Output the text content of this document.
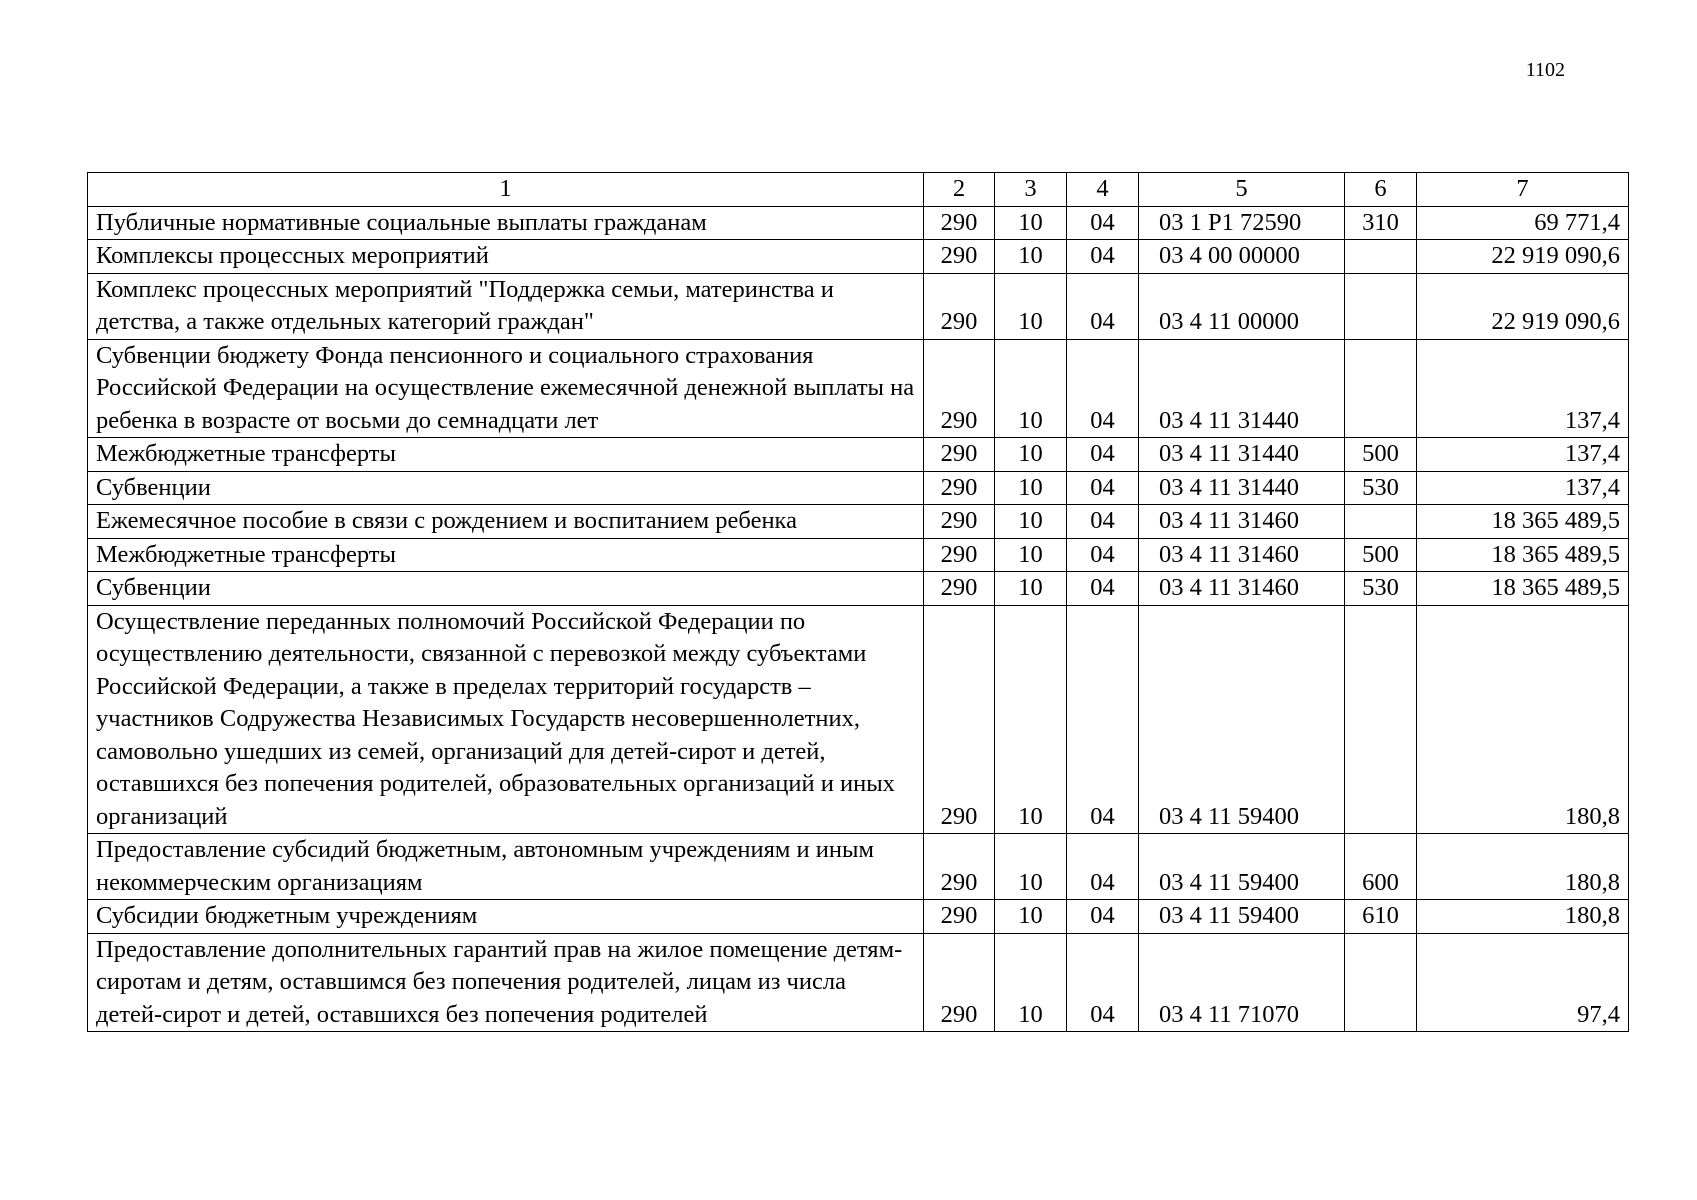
1102
1	2	3	4	5	6	7
Публичные нормативные социальные выплаты гражданам	290	10	04	03 1 P1 72590	310	69 771,4
Комплексы процессных мероприятий	290	10	04	03 4 00 00000		22 919 090,6
Комплекс процессных мероприятий "Поддержка семьи, материнства и детства, а также отдельных категорий граждан"	290	10	04	03 4 11 00000		22 919 090,6
Субвенции бюджету Фонда пенсионного и социального страхования Российской Федерации на осуществление ежемесячной денежной выплаты на ребенка в возрасте от восьми до семнадцати лет	290	10	04	03 4 11 31440		137,4
Межбюджетные трансферты	290	10	04	03 4 11 31440	500	137,4
Субвенции	290	10	04	03 4 11 31440	530	137,4
Ежемесячное пособие в связи с рождением и воспитанием ребенка	290	10	04	03 4 11 31460		18 365 489,5
Межбюджетные трансферты	290	10	04	03 4 11 31460	500	18 365 489,5
Субвенции	290	10	04	03 4 11 31460	530	18 365 489,5
Осуществление переданных полномочий Российской Федерации по осуществлению деятельности, связанной с перевозкой между субъектами Российской Федерации, а также в пределах территорий государств – участников Содружества Независимых Государств несовершеннолетних, самовольно ушедших из семей, организаций для детей-сирот и детей, оставшихся без попечения родителей, образовательных организаций и иных организаций	290	10	04	03 4 11 59400		180,8
Предоставление субсидий бюджетным, автономным учреждениям и иным некоммерческим организациям	290	10	04	03 4 11 59400	600	180,8
Субсидии бюджетным учреждениям	290	10	04	03 4 11 59400	610	180,8
Предоставление дополнительных гарантий прав на жилое помещение детям-сиротам и детям, оставшимся без попечения родителей, лицам из числа детей-сирот и детей, оставшихся без попечения родителей	290	10	04	03 4 11 71070		97,4
